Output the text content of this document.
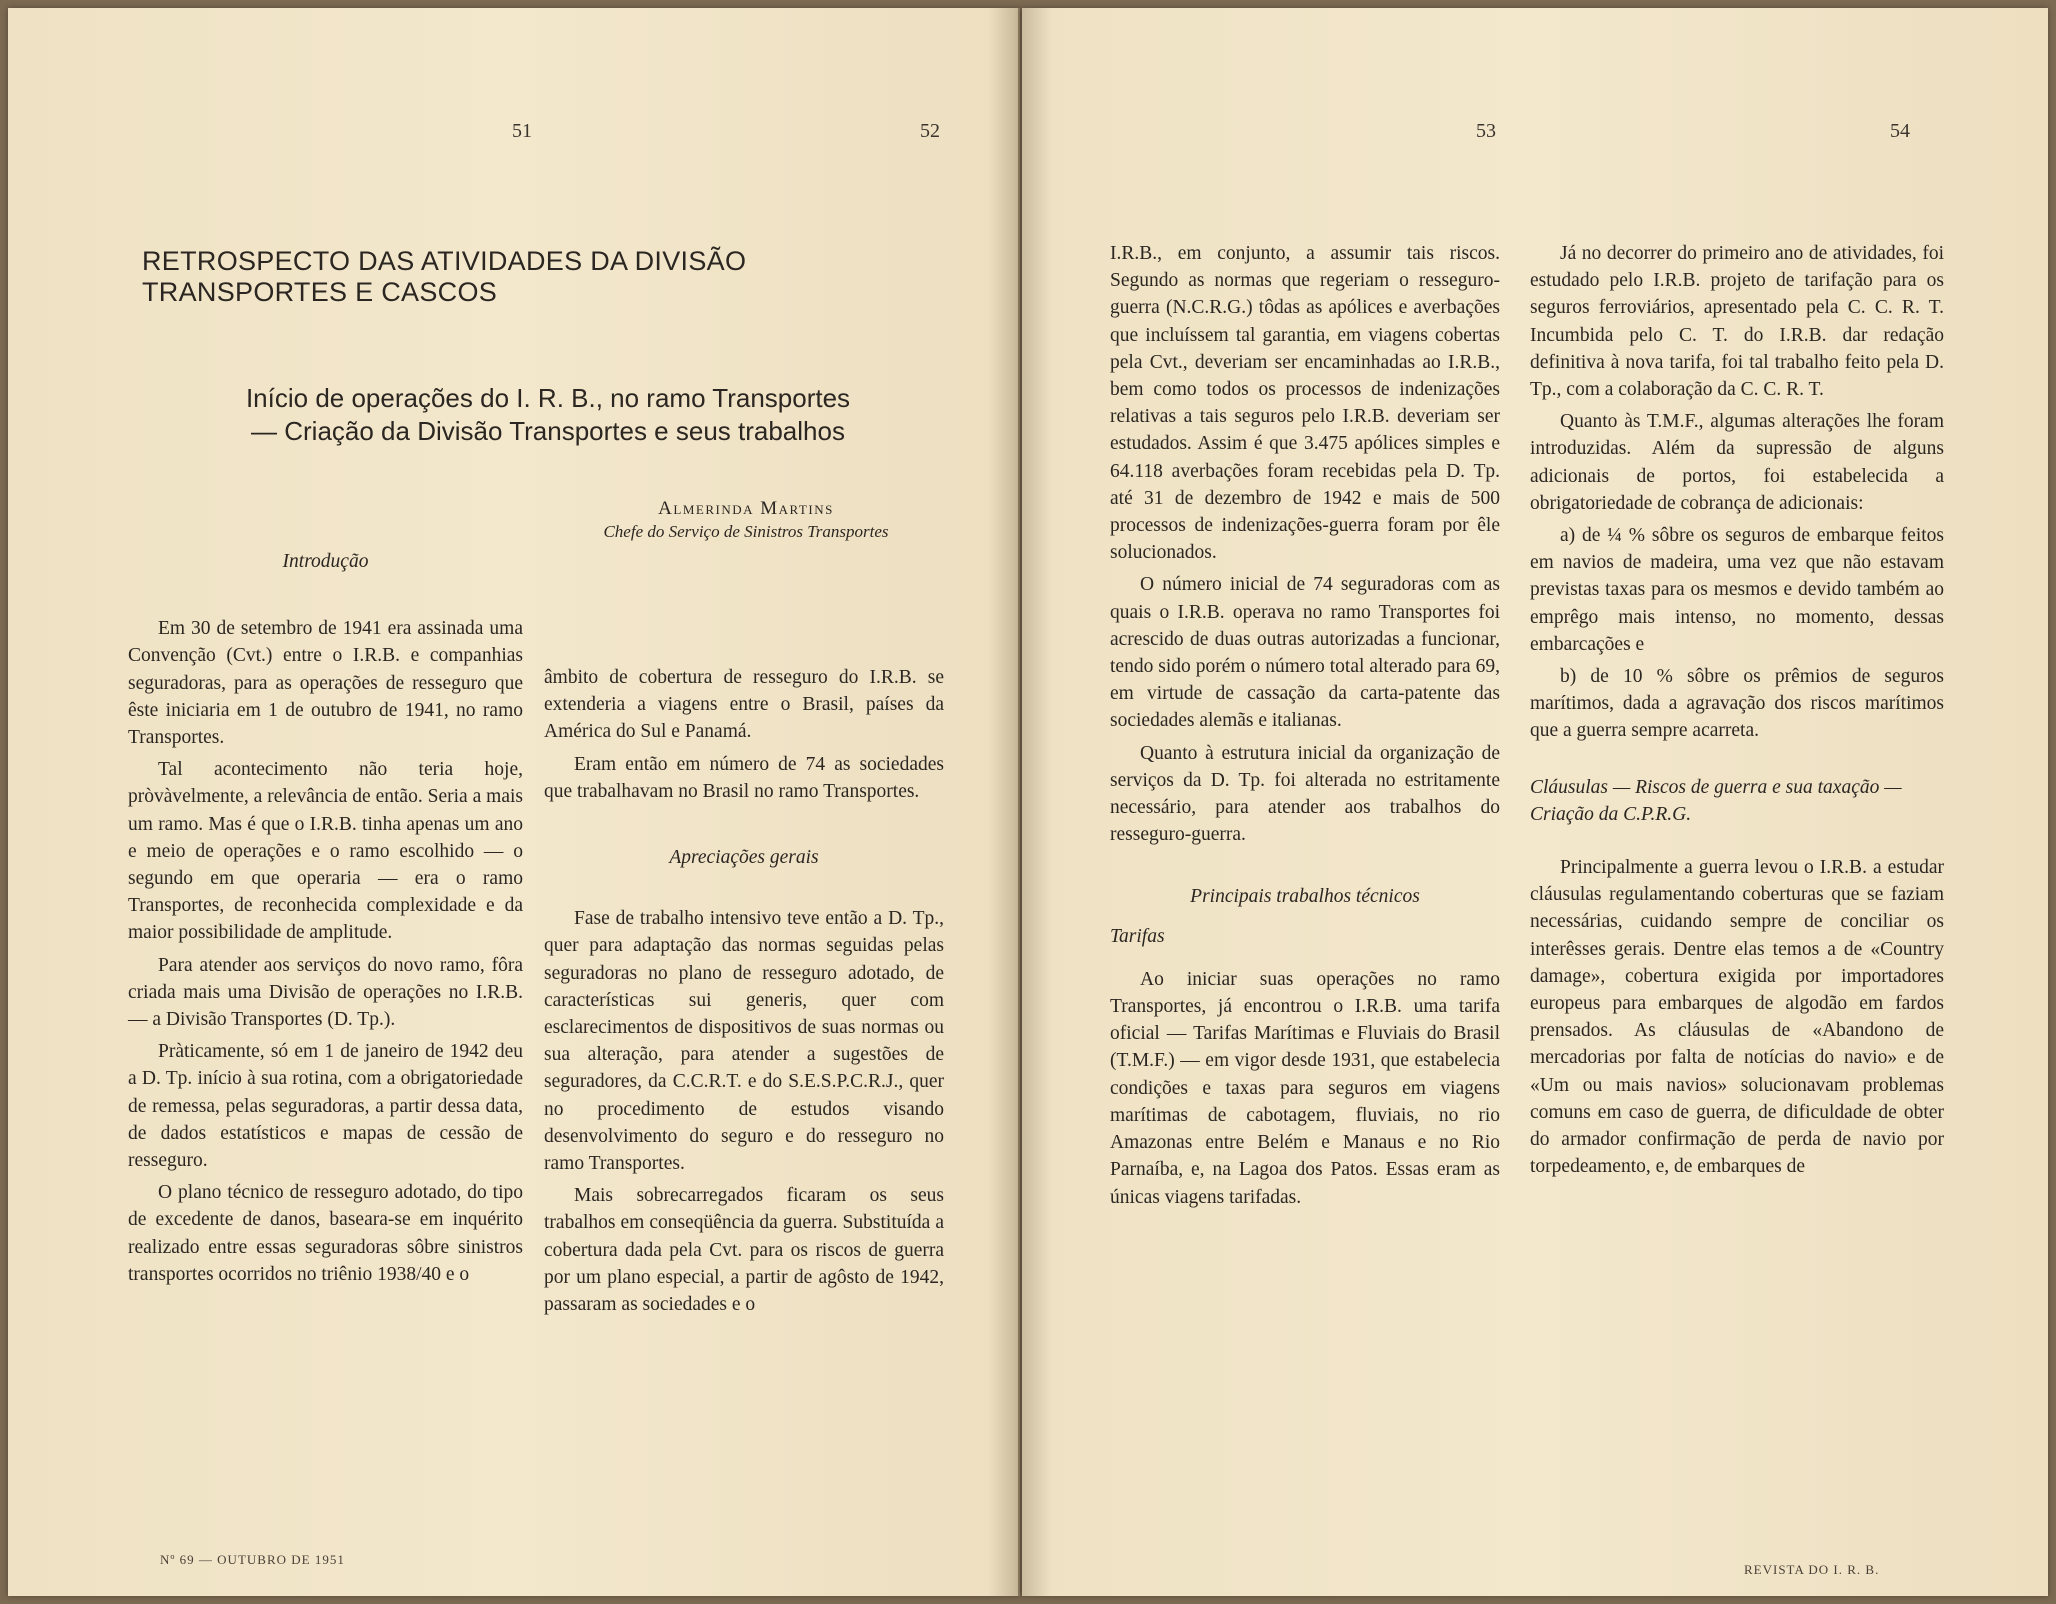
51	52
RETROSPECTO DAS ATIVIDADES DA DIVISÃO
TRANSPORTES E CASCOS
Início de operações do I. R. B., no ramo Transportes
— Criação da Divisão Transportes e seus trabalhos
Almerinda Martins
Chefe do Serviço de Sinistros Transportes
Introdução

Em 30 de setembro de 1941 era assinada uma Convenção (Cvt.) entre o I.R.B. e companhias seguradoras, para as operações de resseguro que êste iniciaria em 1 de outubro de 1941, no ramo Transportes.

Tal acontecimento não teria hoje, pròvàvelmente, a relevância de então. Seria a mais um ramo. Mas é que o I.R.B. tinha apenas um ano e meio de operações e o ramo escolhido — o segundo em que operaria — era o ramo Transportes, de reconhecida complexidade e da maior possibilidade de amplitude.

Para atender aos serviços do novo ramo, fôra criada mais uma Divisão de operações no I.R.B. — a Divisão Transportes (D. Tp.).

Pràticamente, só em 1 de janeiro de 1942 deu a D. Tp. início à sua rotina, com a obrigatoriedade de remessa, pelas seguradoras, a partir dessa data, de dados estatísticos e mapas de cessão de resseguro.

O plano técnico de resseguro adotado, do tipo de excedente de danos, baseara-se em inquérito realizado entre essas seguradoras sôbre sinistros transportes ocorridos no triênio 1938/40 e o

âmbito de cobertura de resseguro do I.R.B. se extenderia a viagens entre o Brasil, países da América do Sul e Panamá.

Eram então em número de 74 as sociedades que trabalhavam no Brasil no ramo Transportes.

Apreciações gerais

Fase de trabalho intensivo teve então a D. Tp., quer para adaptação das normas seguidas pelas seguradoras no plano de resseguro adotado, de características sui generis, quer com esclarecimentos de dispositivos de suas normas ou sua alteração, para atender a sugestões de seguradores, da C.C.R.T. e do S.E.S.P.C.R.J., quer no procedimento de estudos visando desenvolvimento do seguro e do resseguro no ramo Transportes.

Mais sobrecarregados ficaram os seus trabalhos em conseqüência da guerra. Substituída a cobertura dada pela Cvt. para os riscos de guerra por um plano especial, a partir de agôsto de 1942, passaram as sociedades e o

Nº 69 — OUTUBRO DE 1951
53	54

I.R.B., em conjunto, a assumir tais riscos. Segundo as normas que regeriam o resseguro-guerra (N.C.R.G.) tôdas as apólices e averbações que incluíssem tal garantia, em viagens cobertas pela Cvt., deveriam ser encaminhadas ao I.R.B., bem como todos os processos de indenizações relativas a tais seguros pelo I.R.B. deveriam ser estudados. Assim é que 3.475 apólices simples e 64.118 averbações foram recebidas pela D. Tp. até 31 de dezembro de 1942 e mais de 500 processos de indenizações-guerra foram por êle solucionados.

O número inicial de 74 seguradoras com as quais o I.R.B. operava no ramo Transportes foi acrescido de duas outras autorizadas a funcionar, tendo sido porém o número total alterado para 69, em virtude de cassação da carta-patente das sociedades alemãs e italianas.

Quanto à estrutura inicial da organização de serviços da D. Tp. foi alterada no estritamente necessário, para atender aos trabalhos do resseguro-guerra.

Principais trabalhos técnicos
Tarifas

Ao iniciar suas operações no ramo Transportes, já encontrou o I.R.B. uma tarifa oficial — Tarifas Marítimas e Fluviais do Brasil (T.M.F.) — em vigor desde 1931, que estabelecia condições e taxas para seguros em viagens marítimas de cabotagem, fluviais, no rio Amazonas entre Belém e Manaus e no Rio Parnaíba, e, na Lagoa dos Patos. Essas eram as únicas viagens tarifadas.

Já no decorrer do primeiro ano de atividades, foi estudado pelo I.R.B. projeto de tarifação para os seguros ferroviários, apresentado pela C. C. R. T. Incumbida pelo C. T. do I.R.B. dar redação definitiva à nova tarifa, foi tal trabalho feito pela D. Tp., com a colaboração da C. C. R. T.

Quanto às T.M.F., algumas alterações lhe foram introduzidas. Além da supressão de alguns adicionais de portos, foi estabelecida a obrigatoriedade de cobrança de adicionais:

a) de ¼ % sôbre os seguros de embarque feitos em navios de madeira, uma vez que não estavam previstas taxas para os mesmos e devido também ao emprêgo mais intenso, no momento, dessas embarcações e

b) de 10 % sôbre os prêmios de seguros marítimos, dada a agravação dos riscos marítimos que a guerra sempre acarreta.

Cláusulas — Riscos de guerra e sua taxação — Criação da C.P.R.G.

Principalmente a guerra levou o I.R.B. a estudar cláusulas regulamentando coberturas que se faziam necessárias, cuidando sempre de conciliar os interêsses gerais. Dentre elas temos a de «Country damage», cobertura exigida por importadores europeus para embarques de algodão em fardos prensados. As cláusulas de «Abandono de mercadorias por falta de notícias do navio» e de «Um ou mais navios» solucionavam problemas comuns em caso de guerra, de dificuldade de obter do armador confirmação de perda de navio por torpedeamento, e, de embarques de

REVISTA DO I. R. B.
